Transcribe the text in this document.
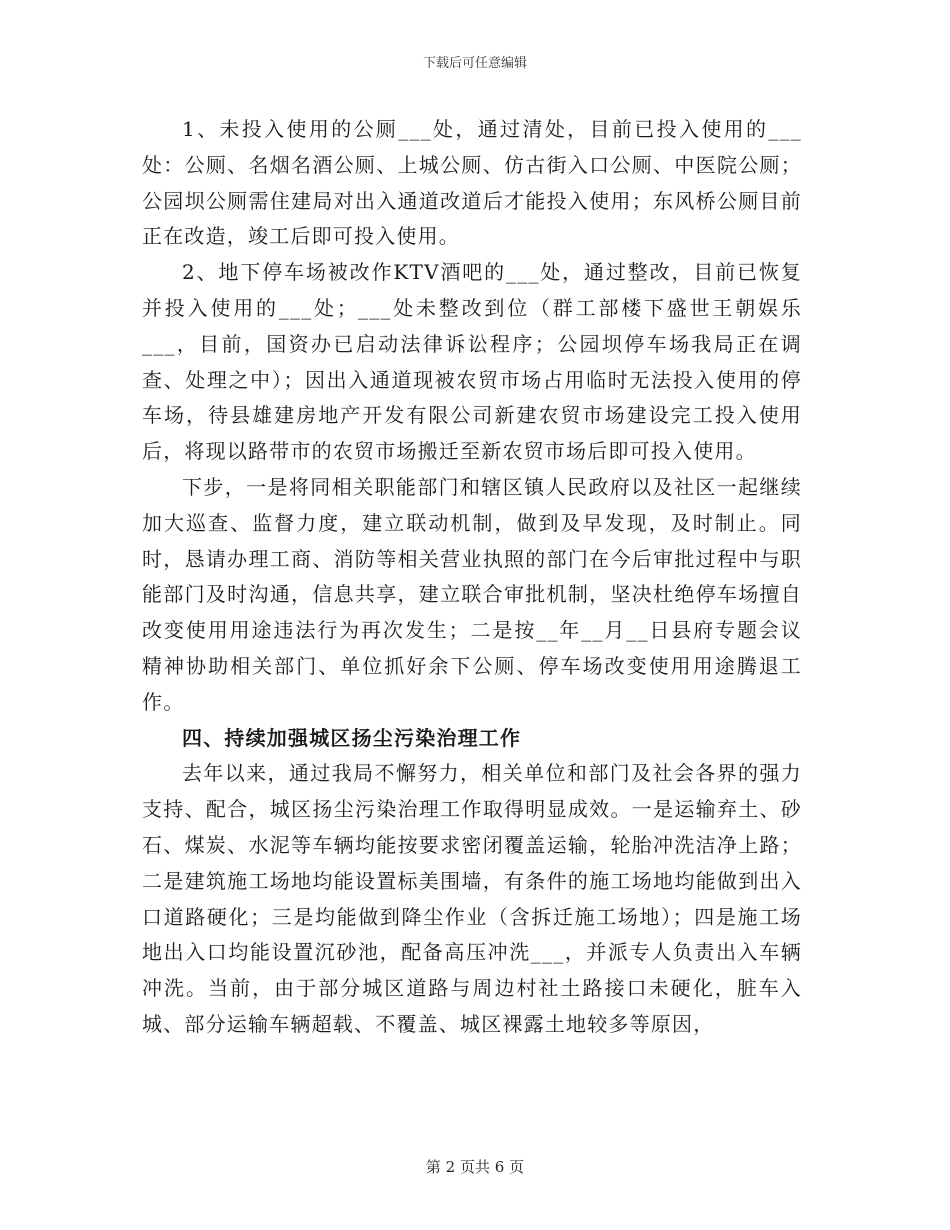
下载后可任意编辑

1、未投入使用的公厕___处，通过清处，目前已投入使用的___处：公厕、名烟名酒公厕、上城公厕、仿古街入口公厕、中医院公厕；公园坝公厕需住建局对出入通道改道后才能投入使用；东风桥公厕目前正在改造，竣工后即可投入使用。

2、地下停车场被改作KTV酒吧的___处，通过整改，目前已恢复并投入使用的___处；___处未整改到位（群工部楼下盛世王朝娱乐___，目前，国资办已启动法律诉讼程序；公园坝停车场我局正在调查、处理之中）；因出入通道现被农贸市场占用临时无法投入使用的停车场，待县雄建房地产开发有限公司新建农贸市场建设完工投入使用后，将现以路带市的农贸市场搬迁至新农贸市场后即可投入使用。

下步，一是将同相关职能部门和辖区镇人民政府以及社区一起继续加大巡查、监督力度，建立联动机制，做到及早发现，及时制止。同时，恳请办理工商、消防等相关营业执照的部门在今后审批过程中与职能部门及时沟通，信息共享，建立联合审批机制，坚决杜绝停车场擅自改变使用用途违法行为再次发生；二是按__年__月__日县府专题会议精神协助相关部门、单位抓好余下公厕、停车场改变使用用途腾退工作。

四、持续加强城区扬尘污染治理工作

去年以来，通过我局不懈努力，相关单位和部门及社会各界的强力支持、配合，城区扬尘污染治理工作取得明显成效。一是运输弃土、砂石、煤炭、水泥等车辆均能按要求密闭覆盖运输，轮胎冲洗洁净上路；二是建筑施工场地均能设置标美围墙，有条件的施工场地均能做到出入口道路硬化；三是均能做到降尘作业（含拆迁施工场地）；四是施工场地出入口均能设置沉砂池，配备高压冲洗___，并派专人负责出入车辆冲洗。当前，由于部分城区道路与周边村社土路接口未硬化，脏车入城、部分运输车辆超载、不覆盖、城区裸露土地较多等原因，

第 2 页共 6 页
